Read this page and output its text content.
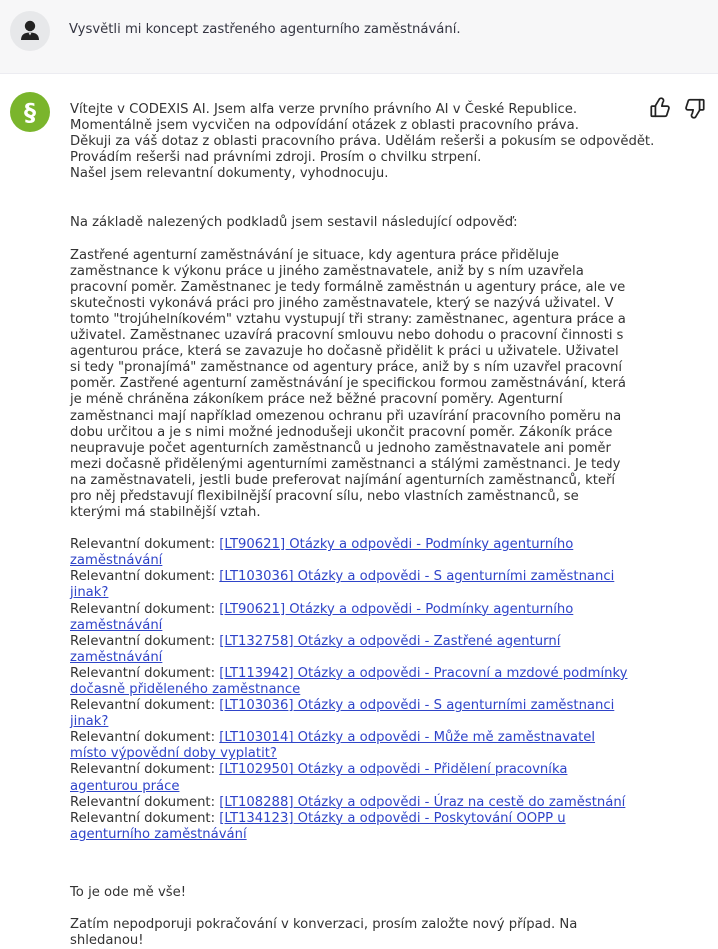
Vysvětli mi koncept zastřeného agenturního zaměstnávání.
§	Vítejte v CODEXIS AI. Jsem alfa verze prvního právního AI v České Republice.
Momentálně jsem vycvičen na odpovídání otázek z oblasti pracovního práva.
Děkuji za váš dotaz z oblasti pracovního práva. Udělám rešerši a pokusím se odpovědět.
Provádím rešerši nad právními zdroji. Prosím o chvilku strpení.
Našel jsem relevantní dokumenty, vyhodnocuju.

Na základě nalezených podkladů jsem sestavil následující odpověď:

Zastřené agenturní zaměstnávání je situace, kdy agentura práce přiděluje zaměstnance k výkonu práce u jiného zaměstnavatele, aniž by s ním uzavřela pracovní poměr. Zaměstnanec je tedy formálně zaměstnán u agentury práce, ale ve skutečnosti vykonává práci pro jiného zaměstnavatele, který se nazývá uživatel. V tomto "trojúhelníkovém" vztahu vystupují tři strany: zaměstnanec, agentura práce a uživatel. Zaměstnanec uzavírá pracovní smlouvu nebo dohodu o pracovní činnosti s agenturou práce, která se zavazuje ho dočasně přidělit k práci u uživatele. Uživatel si tedy "pronajímá" zaměstnance od agentury práce, aniž by s ním uzavřel pracovní poměr. Zastřené agenturní zaměstnávání je specifickou formou zaměstnávání, která je méně chráněna zákoníkem práce než běžné pracovní poměry. Agenturní zaměstnanci mají například omezenou ochranu při uzavírání pracovního poměru na dobu určitou a je s nimi možné jednodušeji ukončit pracovní poměr. Zákoník práce neupravuje počet agenturních zaměstnanců u jednoho zaměstnavatele ani poměr mezi dočasně přidělenými agenturními zaměstnanci a stálými zaměstnanci. Je tedy na zaměstnavateli, jestli bude preferovat najímání agenturních zaměstnanců, kteří pro něj představují flexibilnější pracovní sílu, nebo vlastních zaměstnanců, se kterými má stabilnější vztah.

Relevantní dokument: [LT90621] Otázky a odpovědi - Podmínky agenturního zaměstnávání

Relevantní dokument: [LT103036] Otázky a odpovědi - S agenturními zaměstnanci jinak?

Relevantní dokument: [LT90621] Otázky a odpovědi - Podmínky agenturního zaměstnávání

Relevantní dokument: [LT132758] Otázky a odpovědi - Zastřené agenturní zaměstnávání

Relevantní dokument: [LT113942] Otázky a odpovědi - Pracovní a mzdové podmínky dočasně přiděleného zaměstnance

Relevantní dokument: [LT103036] Otázky a odpovědi - S agenturními zaměstnanci jinak?

Relevantní dokument: [LT103014] Otázky a odpovědi - Může mě zaměstnavatel místo výpovědní doby vyplatit?

Relevantní dokument: [LT102950] Otázky a odpovědi - Přidělení pracovníka agenturou práce

Relevantní dokument: [LT108288] Otázky a odpovědi - Úraz na cestě do zaměstnání

Relevantní dokument: [LT134123] Otázky a odpovědi - Poskytování OOPP u agenturního zaměstnávání

To je ode mě vše!

Zatím nepodporuji pokračování v konverzaci, prosím založte nový případ. Na shledanou!
